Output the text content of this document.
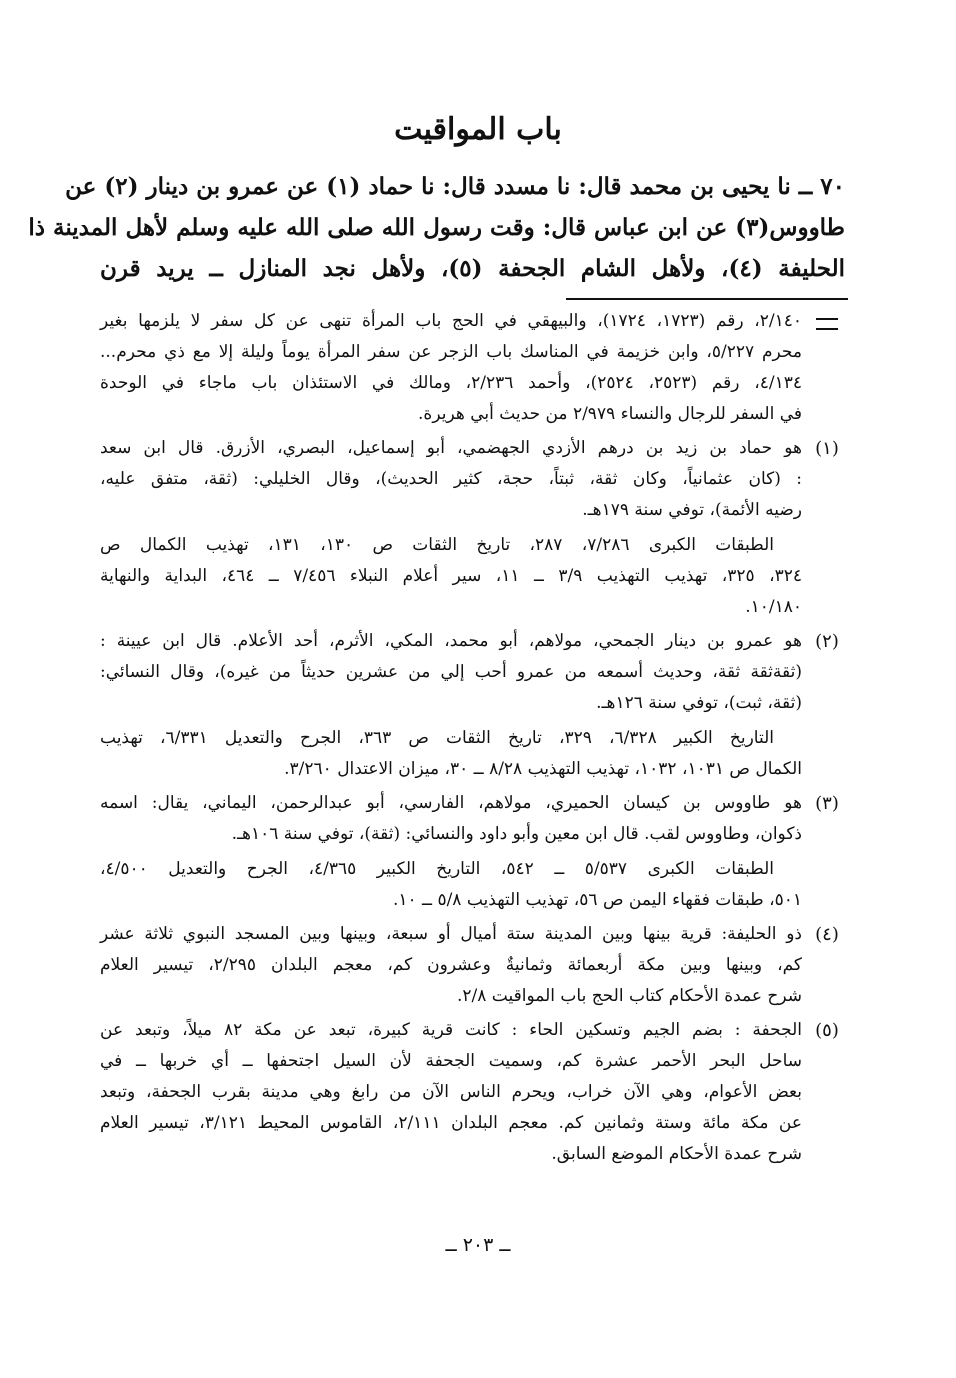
باب المواقيت
٧٠ ــ نا يحيى بن محمد قال: نا مسدد قال: نا حماد (١) عن عمرو بن دينار (٢) عن
طاووس(٣) عن ابن عباس قال: وقت رسول الله صلى الله عليه وسلم لأهل المدينة ذا
الحليفة (٤)، ولأهل الشام الجحفة (٥)، ولأهل نجد المنازل ــ يريد قرن
٢/١٤٠، رقم (١٧٢٣، ١٧٢٤)، والبيهقي في الحج باب المرأة تنهى عن كل سفر لا يلزمها بغير
محرم ٥/٢٢٧، وابن خزيمة في المناسك باب الزجر عن سفر المرأة يوماً وليلة إلا مع ذي محرم...
٤/١٣٤، رقم (٢٥٢٣، ٢٥٢٤)، وأحمد ٢/٢٣٦، ومالك في الاستئذان باب ماجاء في الوحدة
في السفر للرجال والنساء ٢/٩٧٩ من حديث أبي هريرة.
(١)
هو حماد بن زيد بن درهم الأزدي الجهضمي، أبو إسماعيل، البصري، الأزرق. قال ابن سعد
: (كان عثمانياً، وكان ثقة، ثبتاً، حجة، كثير الحديث)، وقال الخليلي: (ثقة، متفق عليه،
رضيه الأئمة)، توفي سنة ١٧٩هـ.
الطبقات الكبرى ٧/٢٨٦، ٢٨٧، تاريخ الثقات ص ١٣٠، ١٣١، تهذيب الكمال ص
٣٢٤، ٣٢٥، تهذيب التهذيب ٣/٩ ــ ١١، سير أعلام النبلاء ٧/٤٥٦ ــ ٤٦٤، البداية والنهاية
١٠/١٨٠.
(٢)
هو عمرو بن دينار الجمحي، مولاهم، أبو محمد، المكي، الأثرم، أحد الأعلام. قال ابن عيينة :
(ثقةثقة ثقة، وحديث أسمعه من عمرو أحب إلي من عشرين حديثاً من غيره)، وقال النسائي:
(ثقة، ثبت)، توفي سنة ١٢٦هـ.
التاريخ الكبير ٦/٣٢٨، ٣٢٩، تاريخ الثقات ص ٣٦٣، الجرح والتعديل ٦/٣٣١، تهذيب
الكمال ص ١٠٣١، ١٠٣٢، تهذيب التهذيب ٨/٢٨ ــ ٣٠، ميزان الاعتدال ٣/٢٦٠.
(٣)
هو طاووس بن كيسان الحميري، مولاهم، الفارسي، أبو عبدالرحمن، اليماني، يقال: اسمه
ذكوان، وطاووس لقب. قال ابن معين وأبو داود والنسائي: (ثقة)، توفي سنة ١٠٦هـ.
الطبقات الكبرى ٥/٥٣٧ ــ ٥٤٢، التاريخ الكبير ٤/٣٦٥، الجرح والتعديل ٤/٥٠٠،
٥٠١، طبقات فقهاء اليمن ص ٥٦، تهذيب التهذيب ٥/٨ ــ ١٠.
(٤)
ذو الحليفة: قرية بينها وبين المدينة ستة أميال أو سبعة، وبينها وبين المسجد النبوي ثلاثة عشر
كم، وبينها وبين مكة أربعمائة وثمانيةٌ وعشرون كم، معجم البلدان ٢/٢٩٥، تيسير العلام
شرح عمدة الأحكام كتاب الحج باب المواقيت ٢/٨.
(٥)
الجحفة : بضم الجيم وتسكين الحاء : كانت قرية كبيرة، تبعد عن مكة ٨٢ ميلاً، وتبعد عن
ساحل البحر الأحمر عشرة كم، وسميت الجحفة لأن السيل اجتحفها ــ أي خربها ــ في
بعض الأعوام، وهي الآن خراب، ويحرم الناس الآن من رابغ وهي مدينة بقرب الجحفة، وتبعد
عن مكة مائة وستة وثمانين كم. معجم البلدان ٢/١١١، القاموس المحيط ٣/١٢١، تيسير العلام
شرح عمدة الأحكام الموضع السابق.
ــ ٢٠٣ ــ
